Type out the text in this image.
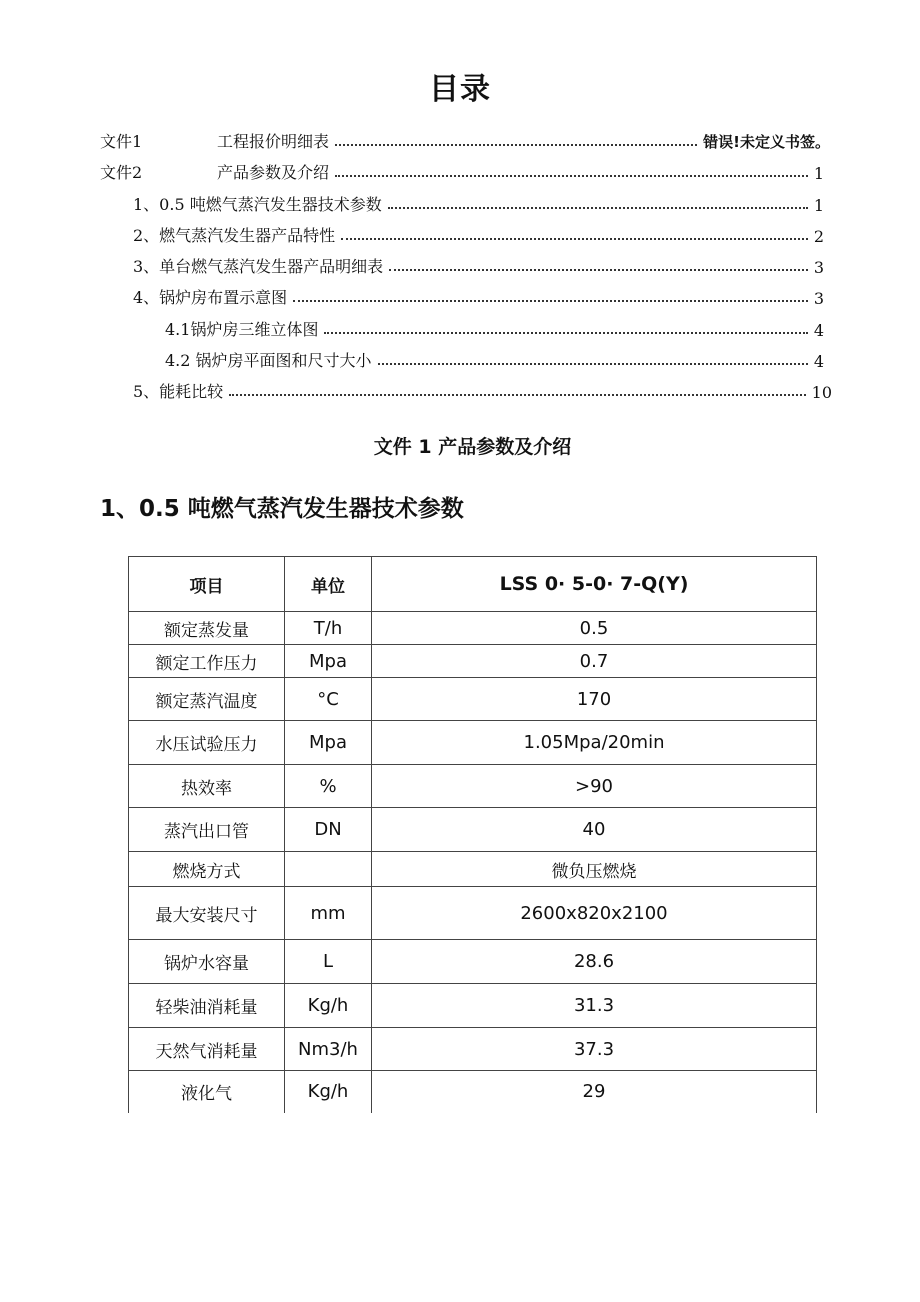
目录
文件1	工程报价明细表	错误!未定义书签。
文件2	产品参数及介绍	1
1、0.5 吨燃气蒸汽发生器技术参数	1
2、燃气蒸汽发生器产品特性	2
3、单台燃气蒸汽发生器产品明细表	3
4、锅炉房布置示意图	3
4.1锅炉房三维立体图	4
4.2 锅炉房平面图和尺寸大小	4
5、能耗比较	10
文件 1 产品参数及介绍
1、0.5 吨燃气蒸汽发生器技术参数
项目	单位	LSS 0· 5-0· 7-Q(Y)
额定蒸发量	T/h	0.5
额定工作压力	Mpa	0.7
额定蒸汽温度	°C	170
水压试验压力	Mpa	1.05Mpa/20min
热效率	%	>90
蒸汽出口管	DN	40
燃烧方式		微负压燃烧
最大安装尺寸	mm	2600x820x2100
锅炉水容量	L	28.6
轻柴油消耗量	Kg/h	31.3
天然气消耗量	Nm3/h	37.3
液化气	Kg/h	29
